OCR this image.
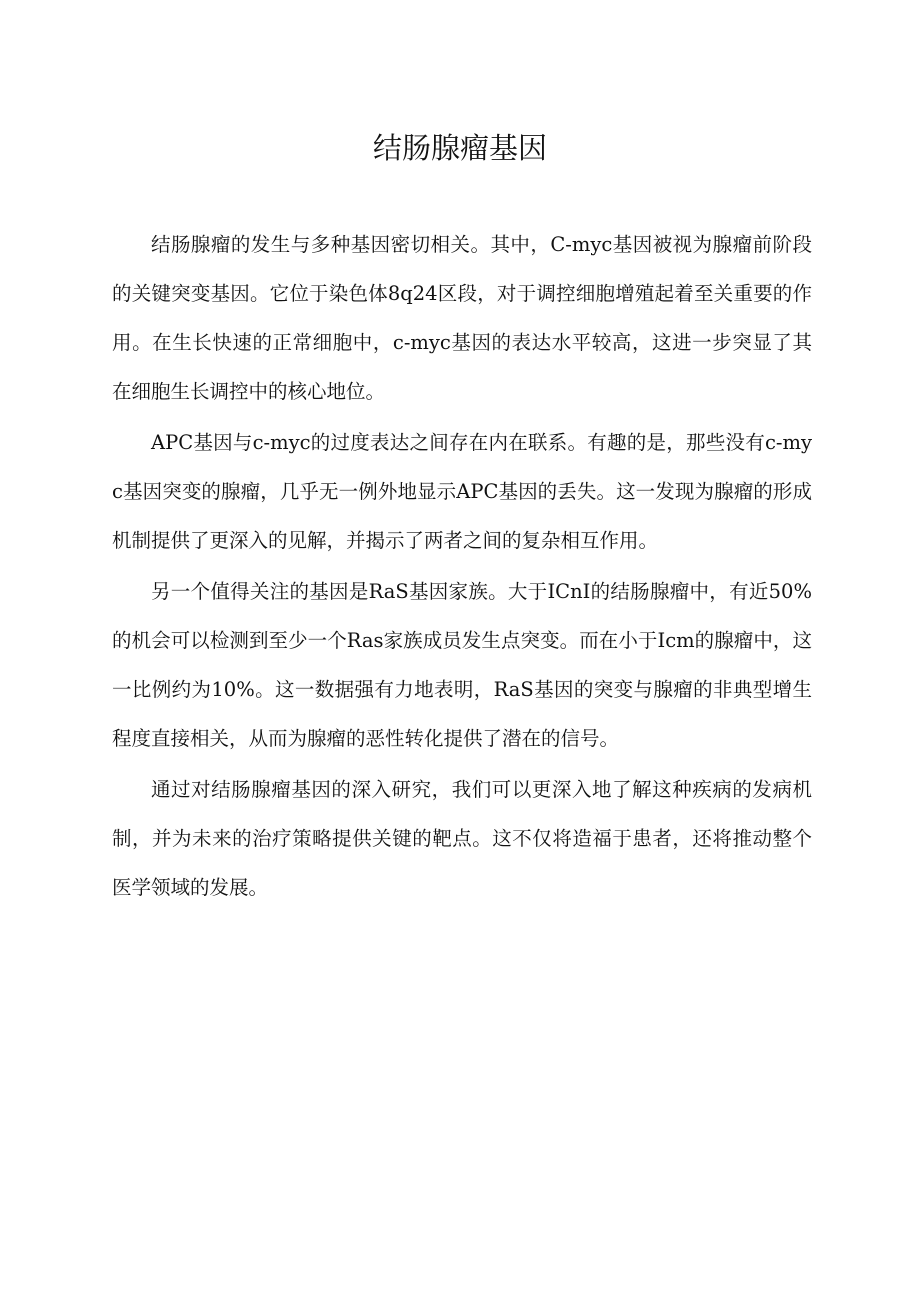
结肠腺瘤基因

结肠腺瘤的发生与多种基因密切相关。其中，C-myc基因被视为腺瘤前阶段的关键突变基因。它位于染色体8q24区段，对于调控细胞增殖起着至关重要的作用。在生长快速的正常细胞中，c-myc基因的表达水平较高，这进一步突显了其在细胞生长调控中的核心地位。

APC基因与c-myc的过度表达之间存在内在联系。有趣的是，那些没有c-myc基因突变的腺瘤，几乎无一例外地显示APC基因的丢失。这一发现为腺瘤的形成机制提供了更深入的见解，并揭示了两者之间的复杂相互作用。

另一个值得关注的基因是RaS基因家族。大于ICnI的结肠腺瘤中，有近50%的机会可以检测到至少一个Ras家族成员发生点突变。而在小于Icm的腺瘤中，这一比例约为10%。这一数据强有力地表明，RaS基因的突变与腺瘤的非典型增生程度直接相关，从而为腺瘤的恶性转化提供了潜在的信号。

通过对结肠腺瘤基因的深入研究，我们可以更深入地了解这种疾病的发病机制，并为未来的治疗策略提供关键的靶点。这不仅将造福于患者，还将推动整个医学领域的发展。
